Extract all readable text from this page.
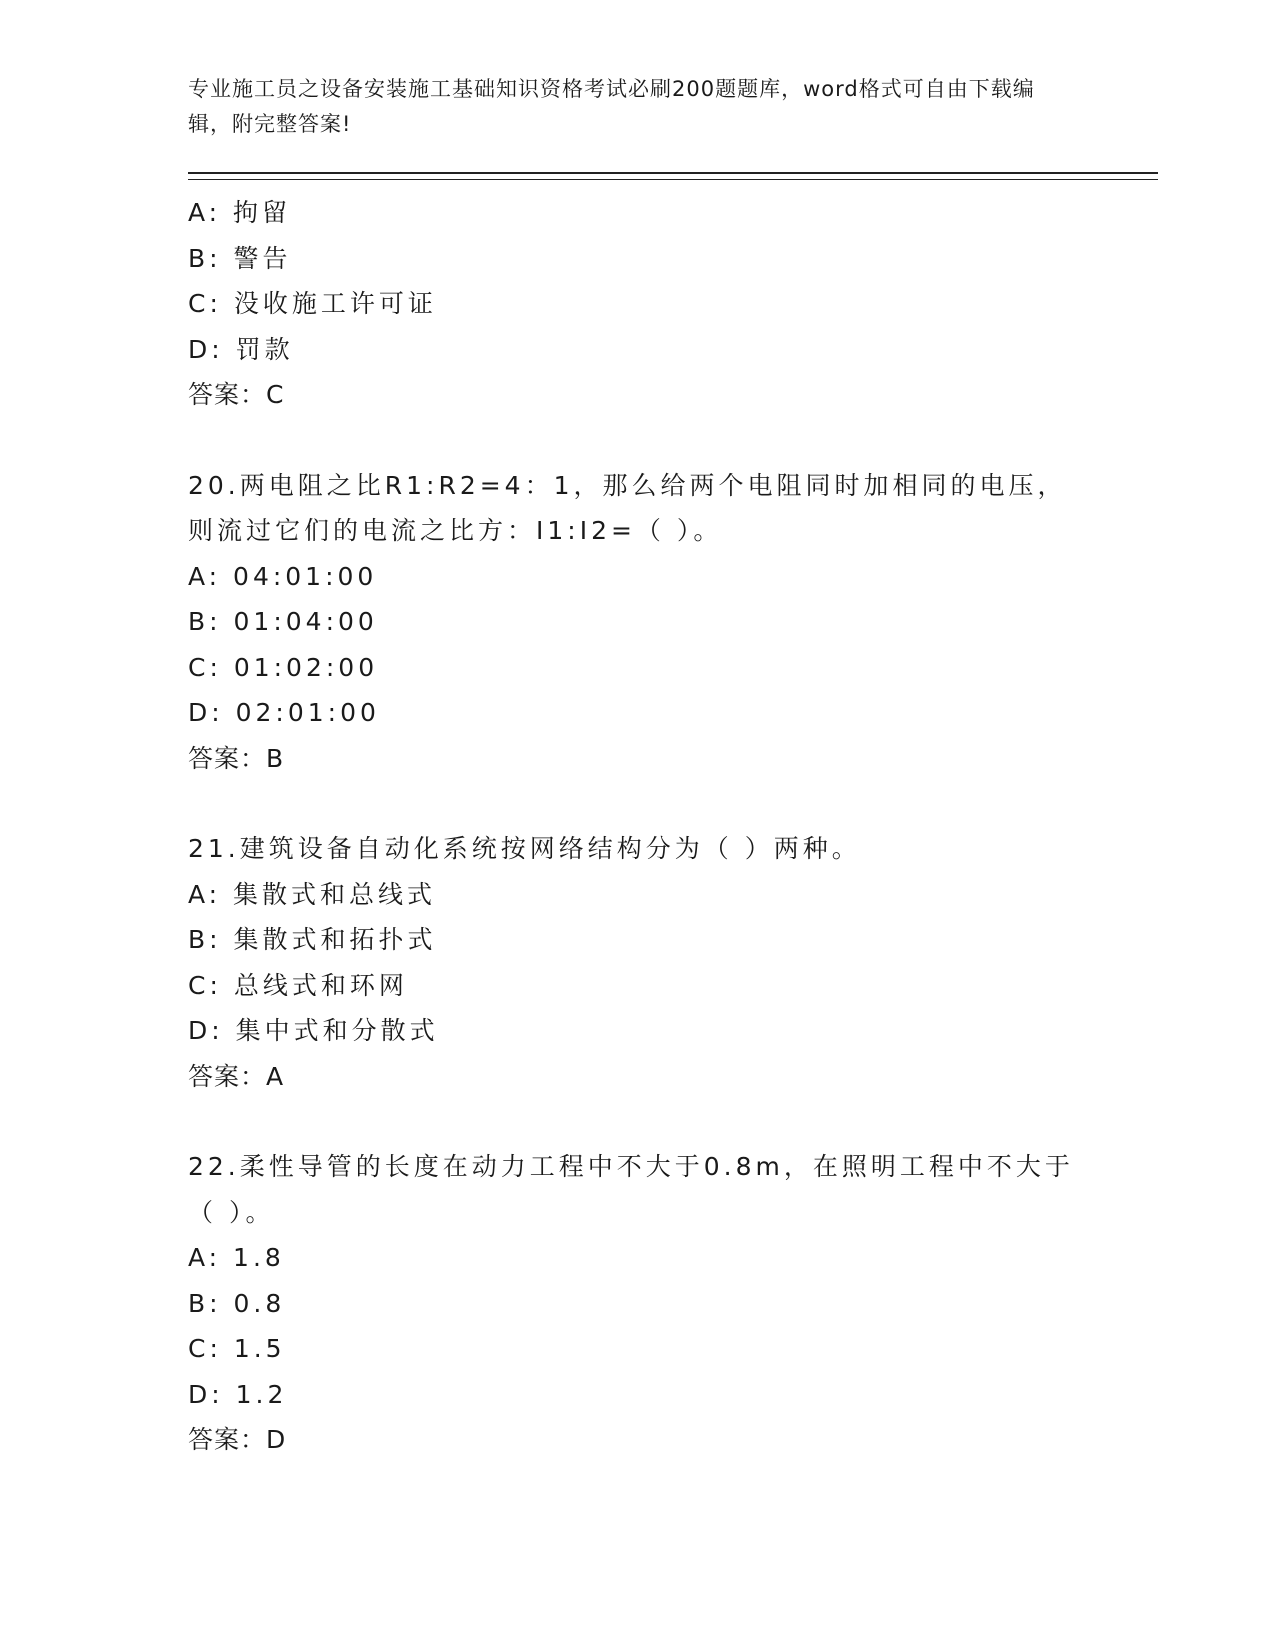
专业施工员之设备安装施工基础知识资格考试必刷200题题库，word格式可自由下载编辑，附完整答案!

A: 拘留
B: 警告
C: 没收施工许可证
D: 罚款
答案：C
20.两电阻之比R1:R2=4：1，那么给两个电阻同时加相同的电压，则流过它们的电流之比方：I1:I2=（ ）。
A: 04:01:00
B: 01:04:00
C: 01:02:00
D: 02:01:00
答案：B
21.建筑设备自动化系统按网络结构分为（ ）两种。
A: 集散式和总线式
B: 集散式和拓扑式
C: 总线式和环网
D: 集中式和分散式
答案：A
22.柔性导管的长度在动力工程中不大于0.8m，在照明工程中不大于（ ）。
A: 1.8
B: 0.8
C: 1.5
D: 1.2
答案：D
